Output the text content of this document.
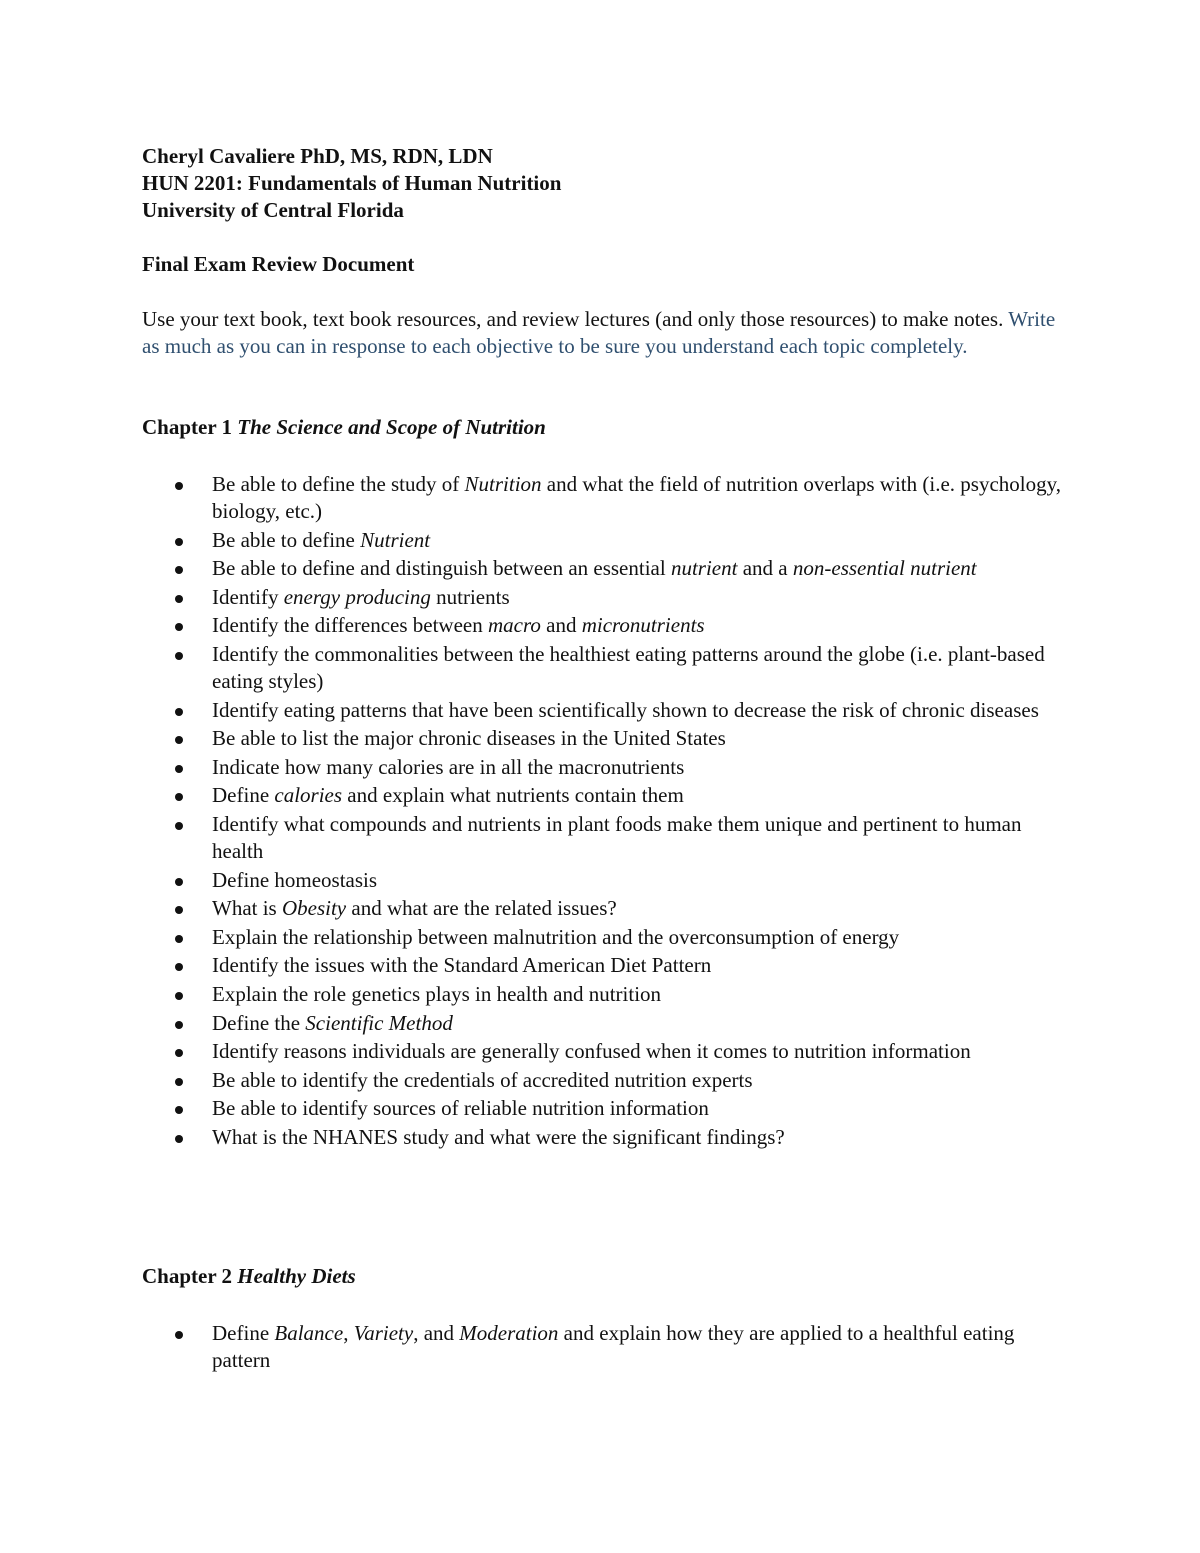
Cheryl Cavaliere PhD, MS, RDN, LDN
HUN 2201: Fundamentals of Human Nutrition
University of Central Florida
Final Exam Review Document
Use your text book, text book resources, and review lectures (and only those resources) to make notes. Write as much as you can in response to each objective to be sure you understand each topic completely.
Chapter 1 The Science and Scope of Nutrition
Be able to define the study of Nutrition and what the field of nutrition overlaps with (i.e. psychology, biology, etc.)
Be able to define Nutrient
Be able to define and distinguish between an essential nutrient and a non-essential nutrient
Identify energy producing nutrients
Identify the differences between macro and micronutrients
Identify the commonalities between the healthiest eating patterns around the globe (i.e. plant-based eating styles)
Identify eating patterns that have been scientifically shown to decrease the risk of chronic diseases
Be able to list the major chronic diseases in the United States
Indicate how many calories are in all the macronutrients
Define calories and explain what nutrients contain them
Identify what compounds and nutrients in plant foods make them unique and pertinent to human health
Define homeostasis
What is Obesity and what are the related issues?
Explain the relationship between malnutrition and the overconsumption of energy
Identify the issues with the Standard American Diet Pattern
Explain the role genetics plays in health and nutrition
Define the Scientific Method
Identify reasons individuals are generally confused when it comes to nutrition information
Be able to identify the credentials of accredited nutrition experts
Be able to identify sources of reliable nutrition information
What is the NHANES study and what were the significant findings?
Chapter 2 Healthy Diets
Define Balance, Variety, and Moderation and explain how they are applied to a healthful eating pattern
